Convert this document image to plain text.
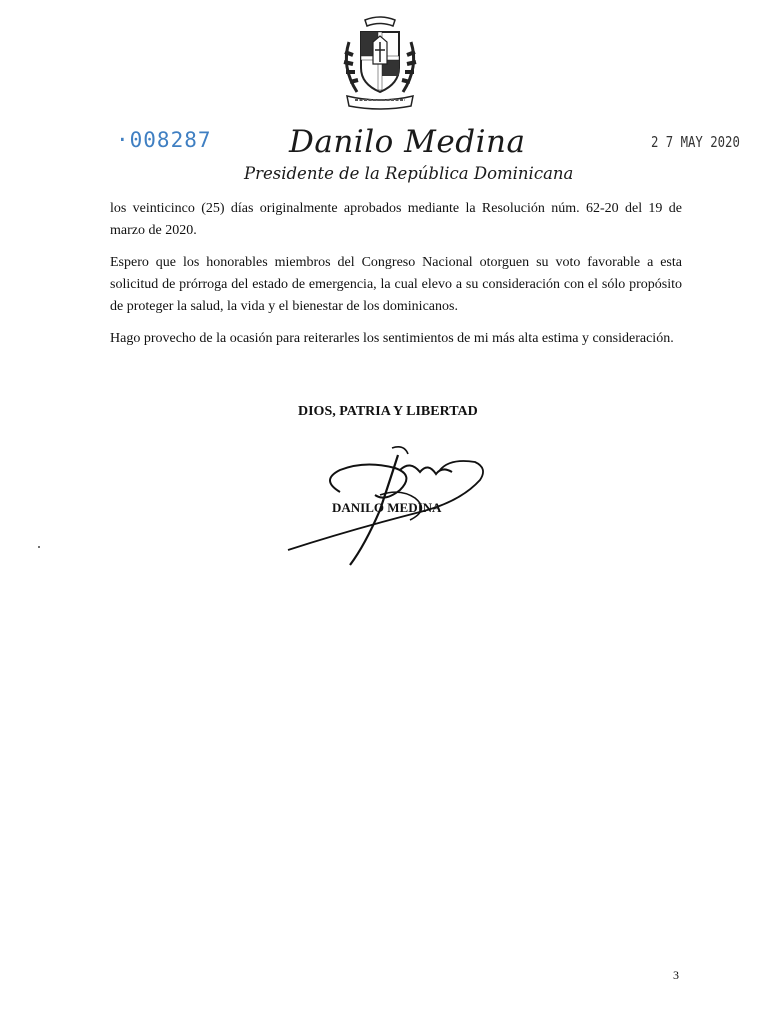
·008287	2 7 MAY 2020
Danilo Medina
Presidente de la República Dominicana

los veinticinco (25) días originalmente aprobados mediante la Resolución núm. 62-20 del 19 de marzo de 2020.

Espero que los honorables miembros del Congreso Nacional otorguen su voto favorable a esta solicitud de prórroga del estado de emergencia, la cual elevo a su consideración con el sólo propósito de proteger la salud, la vida y el bienestar de los dominicanos.

Hago provecho de la ocasión para reiterarles los sentimientos de mi más alta estima y consideración.

DIOS, PATRIA Y LIBERTAD
DANILO MEDINA
3
